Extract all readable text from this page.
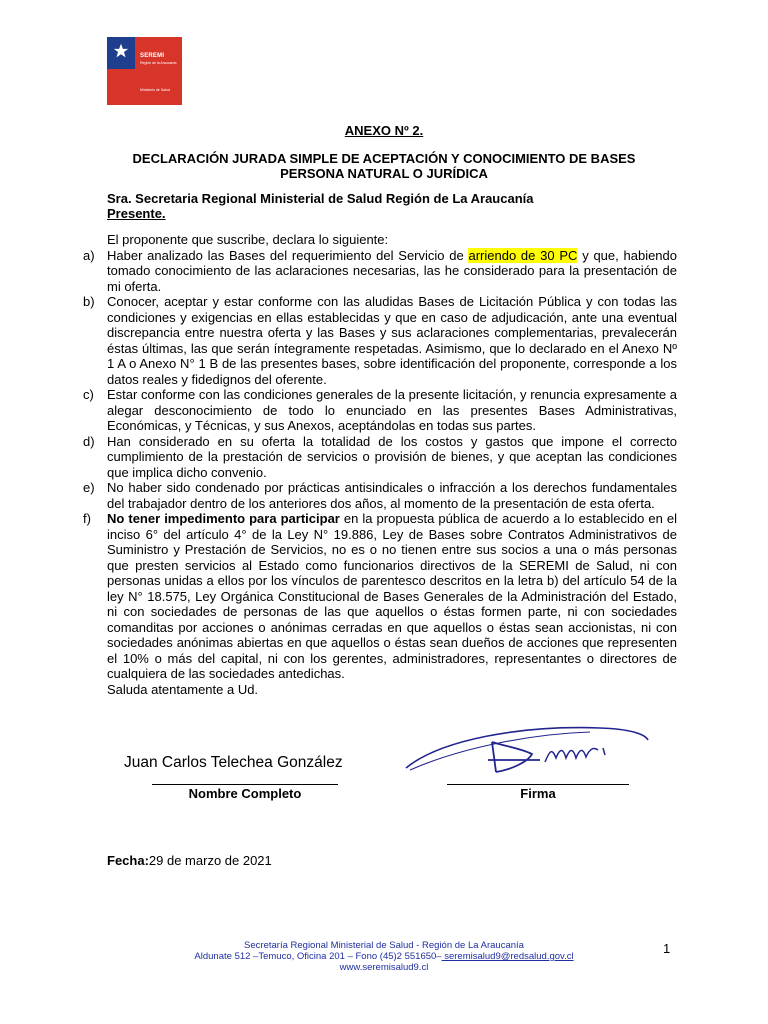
SEREMI
Región de la Araucanía
Ministerio de Salud
ANEXO Nº 2.
DECLARACIÓN JURADA SIMPLE DE ACEPTACIÓN Y CONOCIMIENTO DE BASES
PERSONA NATURAL O JURÍDICA
Sra. Secretaria Regional Ministerial de Salud Región de La Araucanía
Presente.

El proponente que suscribe, declara lo siguiente:

a) Haber analizado las Bases del requerimiento del Servicio de arriendo de 30 PC y que, habiendo tomado conocimiento de las aclaraciones necesarias, las he considerado para la presentación de mi oferta.
b) Conocer, aceptar y estar conforme con las aludidas Bases de Licitación Pública y con todas las condiciones y exigencias en ellas establecidas y que en caso de adjudicación, ante una eventual discrepancia entre nuestra oferta y las Bases y sus aclaraciones complementarias, prevalecerán éstas últimas, las que serán íntegramente respetadas. Asimismo, que lo declarado en el Anexo Nº 1 A o Anexo N° 1 B de las presentes bases, sobre identificación del proponente, corresponde a los datos reales y fidedignos del oferente.
c) Estar conforme con las condiciones generales de la presente licitación, y renuncia expresamente a alegar desconocimiento de todo lo enunciado en las presentes Bases Administrativas, Económicas, y Técnicas, y sus Anexos, aceptándolas en todas sus partes.
d) Han considerado en su oferta la totalidad de los costos y gastos que impone el correcto cumplimiento de la prestación de servicios o provisión de bienes, y que aceptan las condiciones que implica dicho convenio.
e) No haber sido condenado por prácticas antisindicales o infracción a los derechos fundamentales del trabajador dentro de los anteriores dos años, al momento de la presentación de esta oferta.
f) No tener impedimento para participar en la propuesta pública de acuerdo a lo establecido en el inciso 6° del artículo 4° de la Ley N° 19.886, Ley de Bases sobre Contratos Administrativos de Suministro y Prestación de Servicios, no es o no tienen entre sus socios a una o más personas que presten servicios al Estado como funcionarios directivos de la SEREMI de Salud, ni con personas unidas a ellos por los vínculos de parentesco descritos en la letra b) del artículo 54 de la ley N° 18.575, Ley Orgánica Constitucional de Bases Generales de la Administración del Estado, ni con sociedades de personas de las que aquellos o éstas formen parte, ni con sociedades comanditas por acciones o anónimas cerradas en que aquellos o éstas sean accionistas, ni con sociedades anónimas abiertas en que aquellos o éstas sean dueños de acciones que representen el 10% o más del capital, ni con los gerentes, administradores, representantes o directores de cualquiera de las sociedades antedichas.

Saluda atentamente a Ud.

Juan Carlos Telechea González
Nombre Completo	Firma
Fecha:29 de marzo de 2021
Secretaría Regional Ministerial de Salud - Región de La Araucanía
Aldunate 512 –Temuco, Oficina 201 – Fono (45)2 551650– seremisalud9@redsalud.gov.cl
www.seremisalud9.cl
1
